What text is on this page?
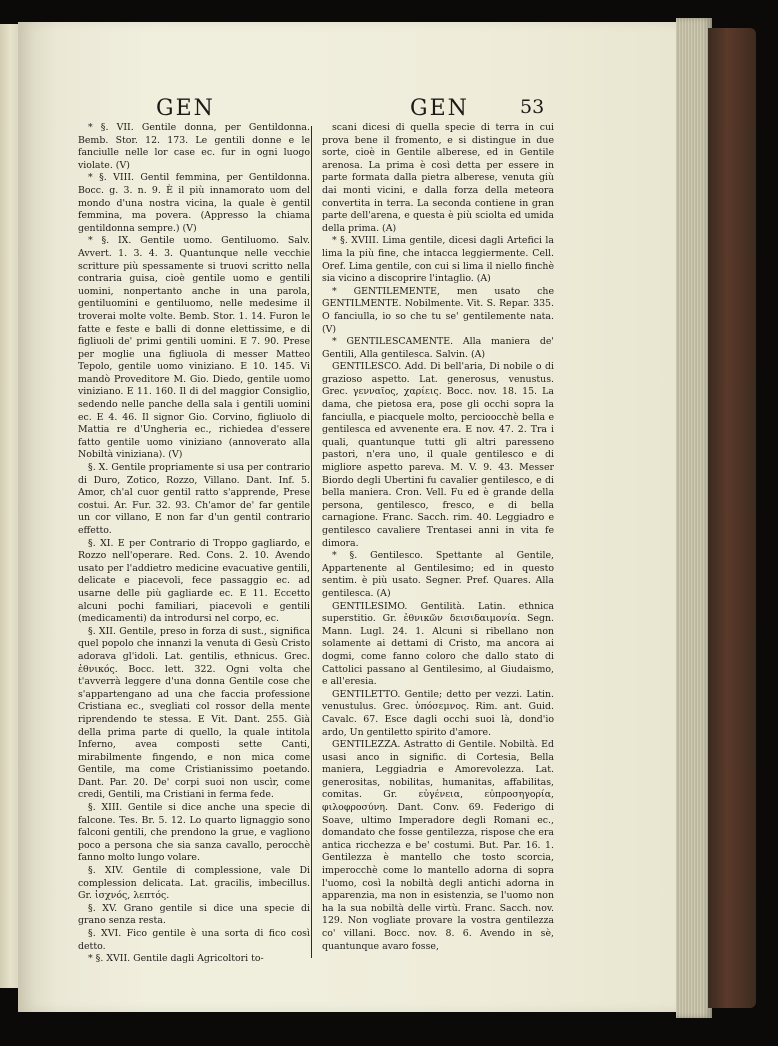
GEN	GEN	53

* §. VII. Gentile donna, per Gentildonna. Bemb. Stor. 12. 173. Le gentili donne e le fanciulle nelle lor case ec. fur in ogni luogo violate. (V)

* §. VIII. Gentil femmina, per Gentildonna. Bocc. g. 3. n. 9. È il più innamorato uom del mondo d'una nostra vicina, la quale è gentil femmina, ma povera. (Appresso la chiama gentildonna sempre.) (V)

* §. IX. Gentile uomo. Gentiluomo. Salv. Avvert. 1. 3. 4. 3. Quantunque nelle vecchie scritture più spessamente si truovi scritto nella contraria guisa, cioè gentile uomo e gentili uomini, nonpertanto anche in una parola, gentiluomini e gentiluomo, nelle medesime il troverai molte volte. Bemb. Stor. 1. 14. Furon le fatte e feste e balli di donne elettissime, e di figliuoli de' primi gentili uomini. E 7. 90. Prese per moglie una figliuola di messer Matteo Tepolo, gentile uomo viniziano. E 10. 145. Vi mandò Proveditore M. Gio. Diedo, gentile uomo viniziano. E 11. 160. Il di del maggior Consiglio, sedendo nelle panche della sala i gentili uomini ec. E 4. 46. Il signor Gio. Corvino, figliuolo di Mattia re d'Ungheria ec., richiedea d'essere fatto gentile uomo viniziano (annoverato alla Nobiltà viniziana). (V)

§. X. Gentile propriamente si usa per contrario di Duro, Zotico, Rozzo, Villano. Dant. Inf. 5. Amor, ch'al cuor gentil ratto s'apprende, Prese costui. Ar. Fur. 32. 93. Ch'amor de' far gentile un cor villano, E non far d'un gentil contrario effetto.

§. XI. E per Contrario di Troppo gagliardo, e Rozzo nell'operare. Red. Cons. 2. 10. Avendo usato per l'addietro medicine evacuative gentili, delicate e piacevoli, fece passaggio ec. ad usarne delle più gagliarde ec. E 11. Eccetto alcuni pochi familiari, piacevoli e gentili (medicamenti) da introdursi nel corpo, ec.

§. XII. Gentile, preso in forza di sust., significa quel popolo che innanzi la venuta di Gesù Cristo adorava gl'idoli. Lat. gentilis, ethnicus. Grec. ἐθνικός. Bocc. lett. 322. Ogni volta che t'avverrà leggere d'una donna Gentile cose che s'appartengano ad una che faccia professione Cristiana ec., svegliati col rossor della mente riprendendo te stessa. E Vit. Dant. 255. Già della prima parte di quello, la quale intitola Inferno, avea composti sette Canti, mirabilmente fingendo, e non mica come Gentile, ma come Cristianissimo poetando. Dant. Par. 20. De' corpi suoi non uscìr, come credi, Gentili, ma Cristiani in ferma fede.

§. XIII. Gentile si dice anche una specie di falcone. Tes. Br. 5. 12. Lo quarto lignaggio sono falconi gentili, che prendono la grue, e vagliono poco a persona che sia sanza cavallo, perocchè fanno molto lungo volare.

§. XIV. Gentile di complessione, vale Di complession delicata. Lat. gracilis, imbecillus. Gr. ἰσχνός, λεπτός.

§. XV. Grano gentile si dice una specie di grano senza resta.

§. XVI. Fico gentile è una sorta di fico così detto.

* §. XVII. Gentile dagli Agricoltori to-

scani dicesi di quella specie di terra in cui prova bene il fromento, e si distingue in due sorte, cioè in Gentile alberese, ed in Gentile arenosa. La prima è così detta per essere in parte formata dalla pietra alberese, venuta giù dai monti vicini, e dalla forza della meteora convertita in terra. La seconda contiene in gran parte dell'arena, e questa è più sciolta ed umida della prima. (A)

* §. XVIII. Lima gentile, dicesi dagli Artefici la lima la più fine, che intacca leggiermente. Cell. Oref. Lima gentile, con cui si lima il niello finchè sia vicino a discoprire l'intaglio. (A)

* GENTILEMENTE, men usato che GENTILMENTE. Nobilmente. Vit. S. Repar. 335. O fanciulla, io so che tu se' gentilemente nata. (V)

* GENTILESCAMENTE. Alla maniera de' Gentili, Alla gentilesca. Salvin. (A)

GENTILESCO. Add. Di bell'aria, Di nobile o di grazioso aspetto. Lat. generosus, venustus. Grec. γενναῖος, χαρίεις. Bocc. nov. 18. 15. La dama, che pietosa era, pose gli occhi sopra la fanciulla, e piacquele molto, percioocchè bella e gentilesca ed avvenente era. E nov. 47. 2. Tra i quali, quantunque tutti gli altri paresseno pastori, n'era uno, il quale gentilesco e di migliore aspetto pareva. M. V. 9. 43. Messer Biordo degli Ubertini fu cavalier gentilesco, e di bella maniera. Cron. Vell. Fu ed è grande della persona, gentilesco, fresco, e di bella carnagione. Franc. Sacch. rim. 40. Leggiadro e gentilesco cavaliere Trentasei anni in vita fe dimora.

* §. Gentilesco. Spettante al Gentile, Appartenente al Gentilesimo; ed in questo sentim. è più usato. Segner. Pref. Quares. Alla gentilesca. (A)

GENTILESIMO. Gentilità. Latin. ethnica superstitio. Gr. ἐθνικῶν δεισιδαιμονία. Segn. Mann. Lugl. 24. 1. Alcuni si ribellano non solamente ai dettami di Cristo, ma ancora ai dogmi, come fanno coloro che dallo stato di Cattolici passano al Gentilesimo, al Giudaismo, e all'eresia.

GENTILETTO. Gentile; detto per vezzi. Latin. venustulus. Grec. ὑπόσεμνος. Rim. ant. Guid. Cavalc. 67. Esce dagli occhi suoi là, dond'io ardo, Un gentiletto spirito d'amore.

GENTILEZZA. Astratto di Gentile. Nobiltà. Ed usasi anco in signific. di Cortesia, Bella maniera, Leggiadria e Amorevolezza. Lat. generositas, nobilitas, humanitas, affabilitas, comitas. Gr. εὐγένεια, εὐπροσηγορία, φιλοφροσύνη. Dant. Conv. 69. Federigo di Soave, ultimo Imperadore degli Romani ec., domandato che fosse gentilezza, rispose che era antica ricchezza e be' costumi. But. Par. 16. 1. Gentilezza è mantello che tosto scorcia, imperocchè come lo mantello adorna di sopra l'uomo, così la nobiltà degli antichi adorna in apparenzia, ma non in esistenzia, se l'uomo non ha la sua nobiltà delle virtù. Franc. Sacch. nov. 129. Non vogliate provare la vostra gentilezza co' villani. Bocc. nov. 8. 6. Avendo in sè, quantunque avaro fosse,
